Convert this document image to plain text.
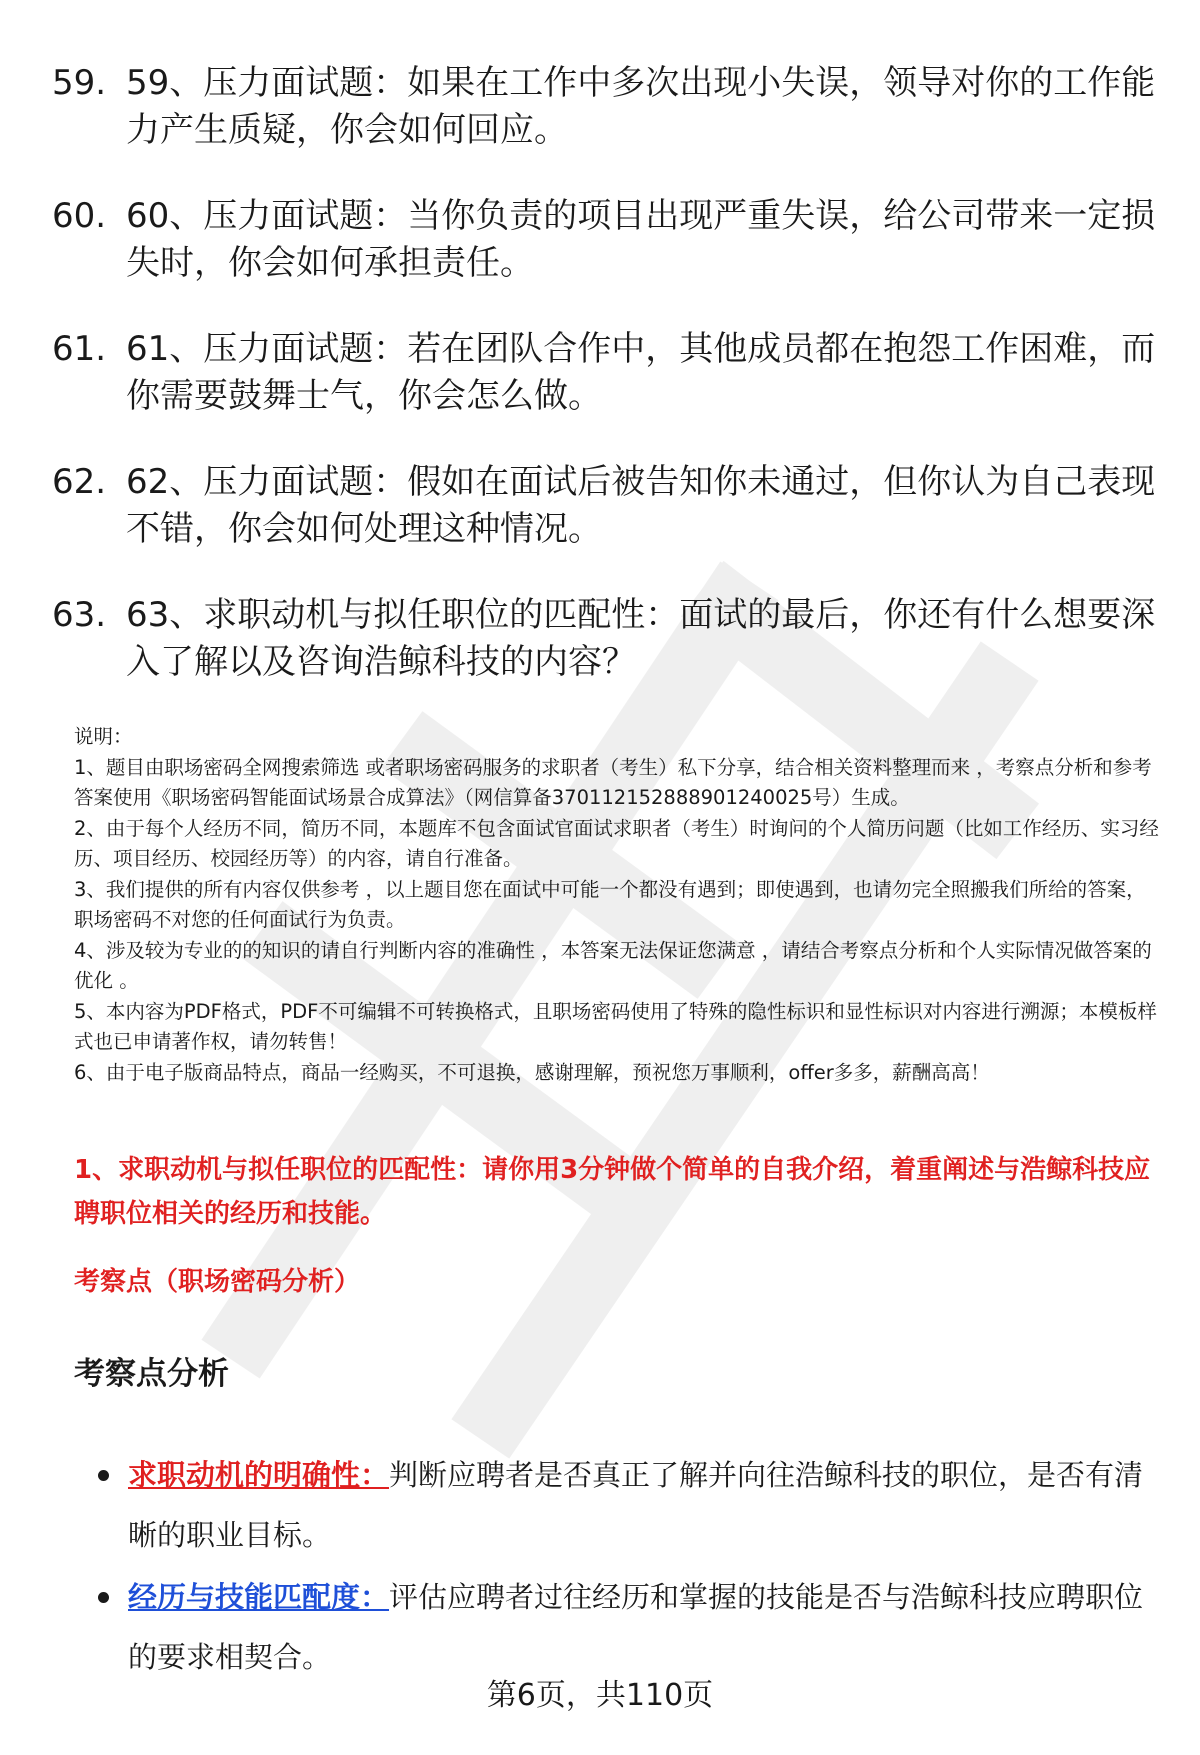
59. 59、压力面试题：如果在工作中多次出现小失误，领导对你的工作能力产生质疑，你会如何回应。
60. 60、压力面试题：当你负责的项目出现严重失误，给公司带来一定损失时，你会如何承担责任。
61. 61、压力面试题：若在团队合作中，其他成员都在抱怨工作困难，而你需要鼓舞士气，你会怎么做。
62. 62、压力面试题：假如在面试后被告知你未通过，但你认为自己表现不错，你会如何处理这种情况。
63. 63、求职动机与拟任职位的匹配性：面试的最后，你还有什么想要深入了解以及咨询浩鲸科技的内容？

说明：

1、题目由职场密码全网搜索筛选 或者职场密码服务的求职者（考生）私下分享，结合相关资料整理而来 ，考察点分析和参考答案使用《职场密码智能面试场景合成算法》（网信算备370112152888901240025号）生成。

2、由于每个人经历不同，简历不同，本题库不包含面试官面试求职者（考生）时询问的个人简历问题（比如工作经历、实习经历、项目经历、校园经历等）的内容，请自行准备。

3、我们提供的所有内容仅供参考 ，以上题目您在面试中可能一个都没有遇到；即使遇到，也请勿完全照搬我们所给的答案，职场密码不对您的任何面试行为负责。

4、涉及较为专业的的知识的请自行判断内容的准确性 ，本答案无法保证您满意 ，请结合考察点分析和个人实际情况做答案的优化 。

5、本内容为PDF格式，PDF不可编辑不可转换格式，且职场密码使用了特殊的隐性标识和显性标识对内容进行溯源；本模板样式也已申请著作权，请勿转售！

6、由于电子版商品特点，商品一经购买，不可退换，感谢理解，预祝您万事顺利，offer多多，薪酬高高！

1、求职动机与拟任职位的匹配性：请你用3分钟做个简单的自我介绍，着重阐述与浩鲸科技应聘职位相关的经历和技能。
考察点（职场密码分析）
考察点分析
求职动机的明确性：判断应聘者是否真正了解并向往浩鲸科技的职位，是否有清晰的职业目标。
经历与技能匹配度：评估应聘者过往经历和掌握的技能是否与浩鲸科技应聘职位的要求相契合。
第6页，共110页
